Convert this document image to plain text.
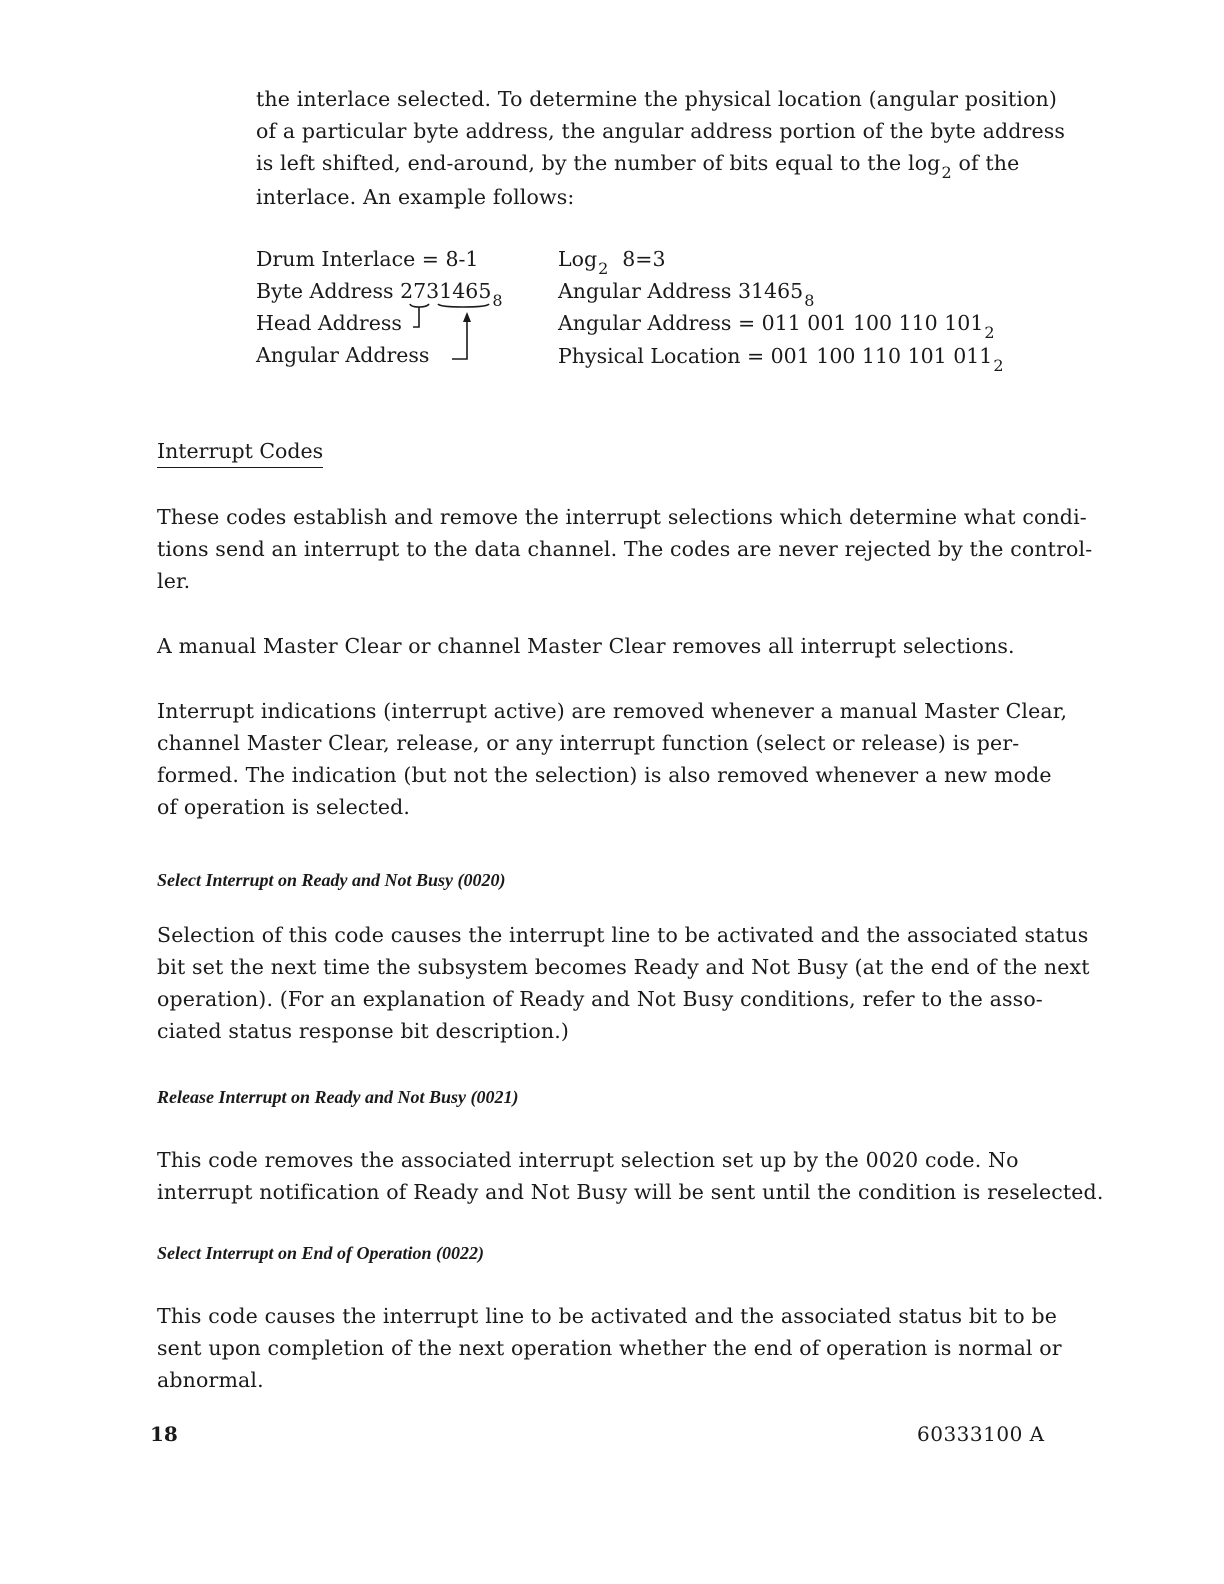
the interlace selected. To determine the physical location (angular position)
of a particular byte address, the angular address portion of the byte address
is left shifted, end-around, by the number of bits equal to the $\log_2$ of the
interlace. An example follows:

Drum Interlace = 8-1
Byte Address $2731465_8$
Head Address
Angular Address
Log$_2$ 8=3
Angular Address $31465_8$
Angular Address = 011 001 100 110 $101_2$
Physical Location = 001 100 110 101 $011_2$
Interrupt Codes

These codes establish and remove the interrupt selections which determine what condi-
tions send an interrupt to the data channel. The codes are never rejected by the control-
ler.

A manual Master Clear or channel Master Clear removes all interrupt selections.

Interrupt indications (interrupt active) are removed whenever a manual Master Clear,
channel Master Clear, release, or any interrupt function (select or release) is per-
formed. The indication (but not the selection) is also removed whenever a new mode
of operation is selected.

Select Interrupt on Ready and Not Busy (0020)

Selection of this code causes the interrupt line to be activated and the associated status
bit set the next time the subsystem becomes Ready and Not Busy (at the end of the next
operation). (For an explanation of Ready and Not Busy conditions, refer to the asso-
ciated status response bit description.)

Release Interrupt on Ready and Not Busy (0021)

This code removes the associated interrupt selection set up by the 0020 code. No
interrupt notification of Ready and Not Busy will be sent until the condition is reselected.

Select Interrupt on End of Operation (0022)

This code causes the interrupt line to be activated and the associated status bit to be
sent upon completion of the next operation whether the end of operation is normal or
abnormal.

18	60333100 A
